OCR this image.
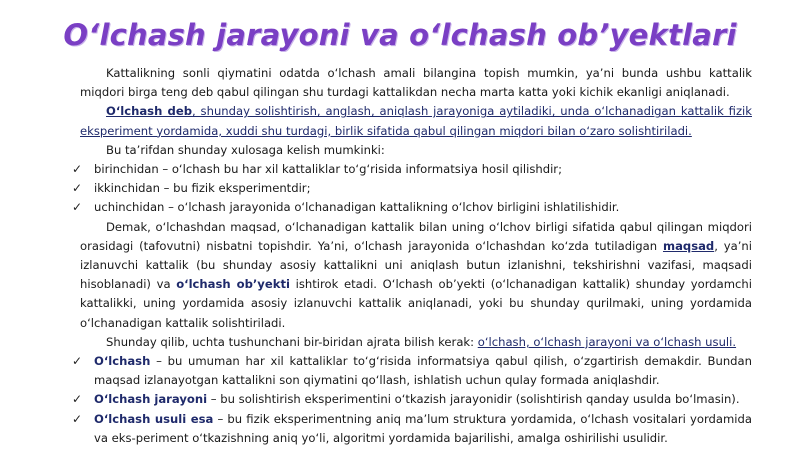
O‘lchash jarayoni va o‘lchash ob’yektlari

Kattalikning sonli qiymatini odatda o‘lchash amali bilangina topish mumkin, ya’ni bunda ushbu kattalik miqdori birga teng deb qabul qilingan shu turdagi kattalikdan necha marta katta yoki kichik ekanligi aniqlanadi.

O‘lchash deb, shunday solishtirish, anglash, aniqlash jarayoniga aytiladiki, unda o‘lchanadigan kattalik fizik eksperiment yordamida, xuddi shu turdagi, birlik sifatida qabul qilingan miqdori bilan o‘zaro solishtiriladi.

Bu ta’rifdan shunday xulosaga kelish mumkinki:

✓	birinchidan – o‘lchash bu har xil kattaliklar to‘g‘risida informatsiya hosil qilishdir;
✓	ikkinchidan – bu fizik eksperimentdir;
✓	uchinchidan – o‘lchash jarayonida o‘lchanadigan kattalikning o‘lchov birligini ishlatilishidir.

Demak, o‘lchashdan maqsad, o‘lchanadigan kattalik bilan uning o‘lchov birligi sifatida qabul qilingan miqdori orasidagi (tafovutni) nisbatni topishdir. Ya’ni, o‘lchash jarayonida o‘lchashdan ko‘zda tutiladigan maqsad, ya’ni izlanuvchi kattalik (bu shunday asosiy kattalikni uni aniqlash butun izlanishni, tekshirishni vazifasi, maqsadi hisoblanadi) va o‘lchash ob’yekti ishtirok etadi. O‘lchash ob’yekti (o‘lchanadigan kattalik) shunday yordamchi kattalikki, uning yordamida asosiy izlanuvchi kattalik aniqlanadi, yoki bu shunday qurilmaki, uning yordamida o‘lchanadigan kattalik solishtiriladi.

Shunday qilib, uchta tushunchani bir-biridan ajrata bilish kerak: o‘lchash, o‘lchash jarayoni va o‘lchash usuli.

✓	O‘lchash – bu umuman har xil kattaliklar to‘g‘risida informatsiya qabul qilish, o‘zgartirish demakdir. Bundan maqsad izlanayotgan kattalikni son qiymatini qo‘llash, ishlatish uchun qulay formada aniqlashdir.
✓	O‘lchash jarayoni – bu solishtirish eksperimentini o‘tkazish jarayonidir (solishtirish qanday usulda bo‘lmasin).
✓	O‘lchash usuli esa – bu fizik eksperimentning aniq ma’lum struktura yordamida, o‘lchash vositalari yordamida va eks-periment o‘tkazishning aniq yo‘li, algoritmi yordamida bajarilishi, amalga oshirilishi usulidir.
